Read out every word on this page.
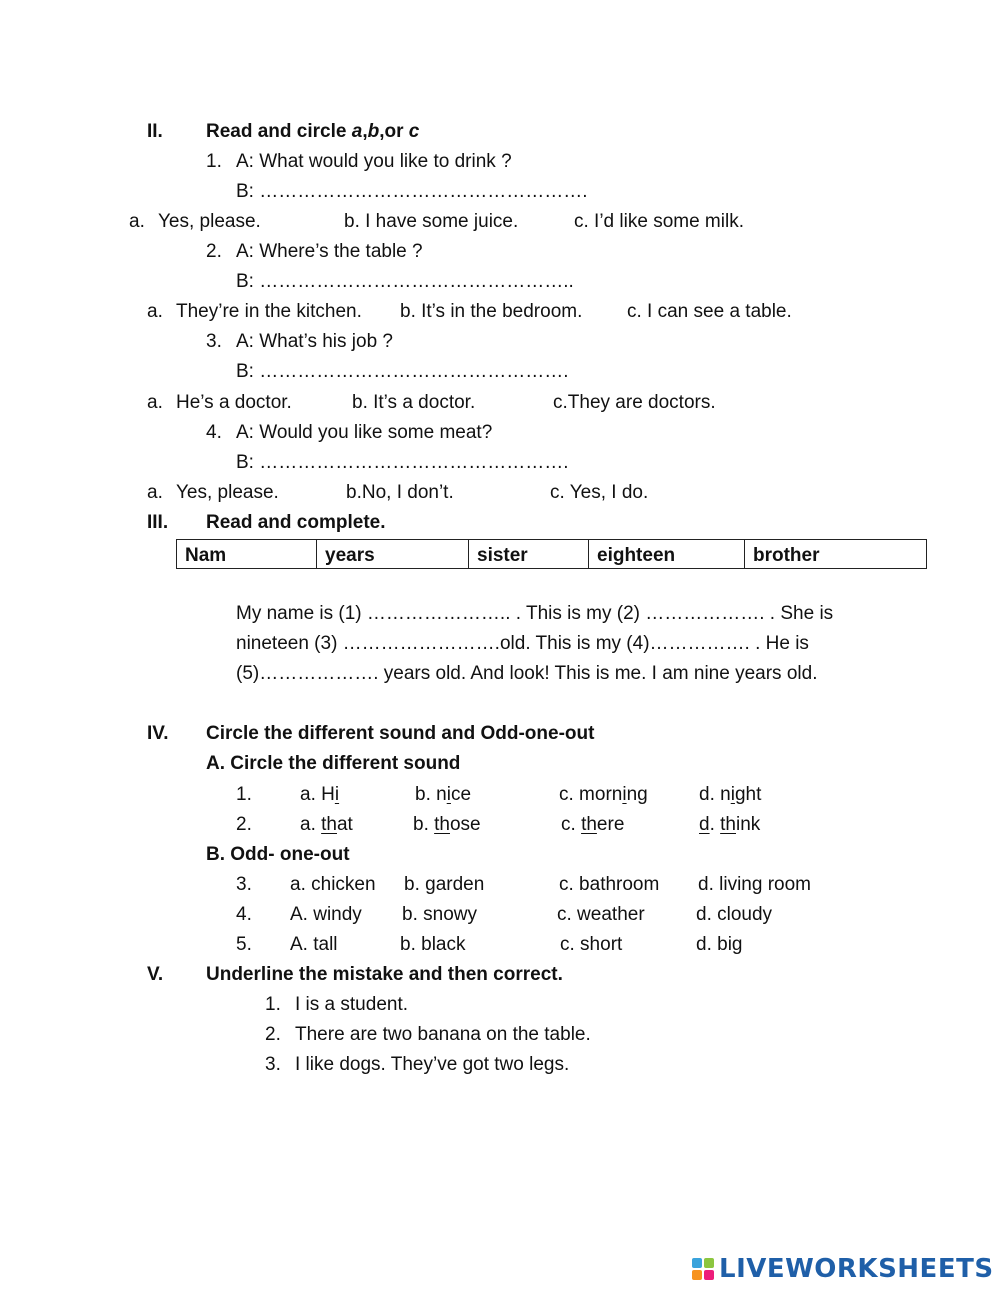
II. Read and circle a,b,or c
1. A: What would you like to drink ?
B: …………………………………………….
a. Yes, please.	b. I have some juice.	c. I’d like some milk.
2. A: Where’s the table ?
B: …………………………………………..
a. They’re in the kitchen. b. It’s in the bedroom. c. I can see a table.
3. A: What’s his job ?
B: ………………………………………….
a. He’s a doctor.	b. It’s a doctor.	c.They are doctors.
4. A: Would you like some meat?
B: ………………………………………….
a. Yes, please.	b.No, I don’t.	c. Yes, I do.
III. Read and complete.
Nam	years	sister	eighteen	brother
My name is (1) ………………….. . This is my (2) ………………. . She is
nineteen (3) …………………….old. This is my (4)……………. . He is
(5)………………. years old. And look! This is me. I am nine years old.
IV. Circle the different sound and Odd-one-out
A. Circle the different sound
1.	a. Hi	b. nice	c. morning	d. night
2.	a. that	b. those	c. there	d. think
B. Odd- one-out
3. a. chicken b. garden	c. bathroom d. living room
4. A. windy b. snowy	c. weather	d. cloudy
5. A. tall	b. black	c. short	d. big
V. Underline the mistake and then correct.
1. I is a student.
2. There are two banana on the table.
3. I like dogs. They’ve got two legs.
LIVEWORKSHEETS
